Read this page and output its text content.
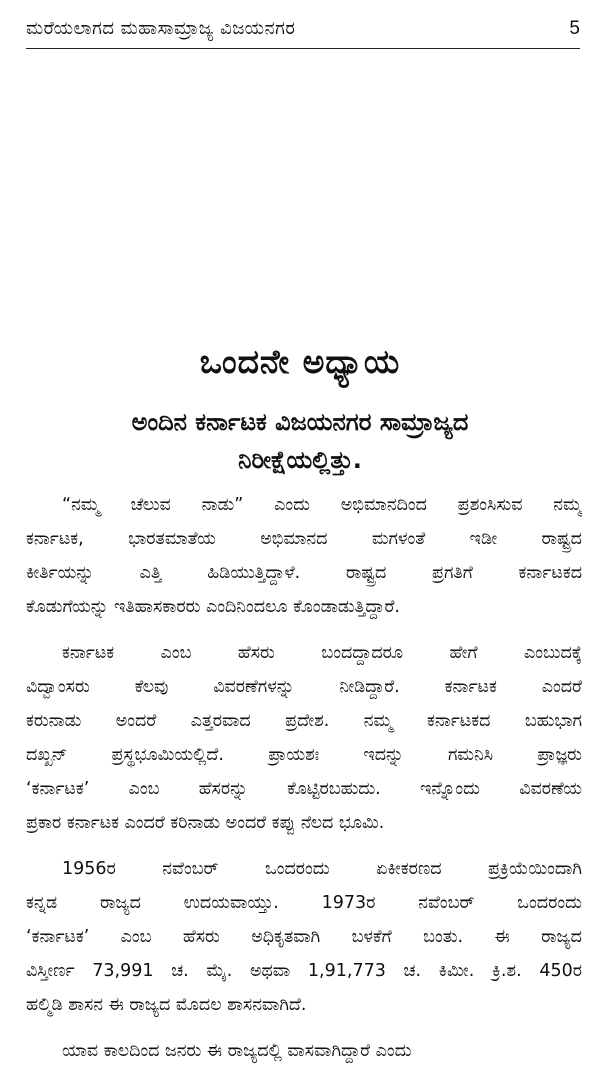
ಮರೆಯಲಾಗದ ಮಹಾಸಾಮ್ರಾಜ್ಯ ವಿಜಯನಗರ	5
ಒಂದನೇ ಅಧ್ಯಾಯ
ಅಂದಿನ ಕರ್ನಾಟಕ ವಿಜಯನಗರ ಸಾಮ್ರಾಜ್ಯದ
ನಿರೀಕ್ಷೆಯಲ್ಲಿತ್ತು.

“ನಮ್ಮ ಚೆಲುವ ನಾಡು” ಎಂದು ಅಭಿಮಾನದಿಂದ ಪ್ರಶಂಸಿಸುವ ನಮ್ಮ
ಕರ್ನಾಟಕ, ಭಾರತಮಾತೆಯ ಅಭಿಮಾನದ ಮಗಳಂತೆ ಇಡೀ ರಾಷ್ಟ್ರದ
ಕೀರ್ತಿಯನ್ನು ಎತ್ತಿ ಹಿಡಿಯುತ್ತಿದ್ದಾಳೆ. ರಾಷ್ಟ್ರದ ಪ್ರಗತಿಗೆ ಕರ್ನಾಟಕದ
ಕೊಡುಗೆಯನ್ನು ಇತಿಹಾಸಕಾರರು ಎಂದಿನಿಂದಲೂ ಕೊಂಡಾಡುತ್ತಿದ್ದಾರೆ.

ಕರ್ನಾಟಕ ಎಂಬ ಹೆಸರು ಬಂದದ್ದಾದರೂ ಹೇಗೆ ಎಂಬುದಕ್ಕೆ
ವಿದ್ವಾಂಸರು ಕೆಲವು ವಿವರಣೆಗಳನ್ನು ನೀಡಿದ್ದಾರೆ. ಕರ್ನಾಟಕ ಎಂದರೆ
ಕರುನಾಡು ಅಂದರೆ ಎತ್ತರವಾದ ಪ್ರದೇಶ. ನಮ್ಮ ಕರ್ನಾಟಕದ ಬಹುಭಾಗ
ದಖ್ಖನ್ ಪ್ರಸ್ಥಭೂಮಿಯಲ್ಲಿದೆ. ಪ್ರಾಯಶಃ ಇದನ್ನು ಗಮನಿಸಿ ಪ್ರಾಜ್ಞರು
‘ಕರ್ನಾಟಕ’ ಎಂಬ ಹೆಸರನ್ನು ಕೊಟ್ಟಿರಬಹುದು. ಇನ್ನೊಂದು ವಿವರಣೆಯ
ಪ್ರಕಾರ ಕರ್ನಾಟಕ ಎಂದರೆ ಕರಿನಾಡು ಅಂದರೆ ಕಪ್ಪು ನೆಲದ ಭೂಮಿ.

1956ರ ನವೆಂಬರ್ ಒಂದರಂದು ಏಕೀಕರಣದ ಪ್ರಕ್ರಿಯೆಯಿಂದಾಗಿ
ಕನ್ನಡ ರಾಜ್ಯದ ಉದಯವಾಯ್ತು. 1973ರ ನವೆಂಬರ್ ಒಂದರಂದು
‘ಕರ್ನಾಟಕ’ ಎಂಬ ಹೆಸರು ಅಧಿಕೃತವಾಗಿ ಬಳಕೆಗೆ ಬಂತು. ಈ ರಾಜ್ಯದ
ವಿಸ್ತೀರ್ಣ 73,991 ಚ. ಮೈ. ಅಥವಾ 1,91,773 ಚ. ಕಿಮೀ. ಕ್ರಿ.ಶ. 450ರ
ಹಲ್ಮಿಡಿ ಶಾಸನ ಈ ರಾಜ್ಯದ ಮೊದಲ ಶಾಸನವಾಗಿದೆ.

ಯಾವ ಕಾಲದಿಂದ ಜನರು ಈ ರಾಜ್ಯದಲ್ಲಿ ವಾಸವಾಗಿದ್ದಾರೆ ಎಂದು
